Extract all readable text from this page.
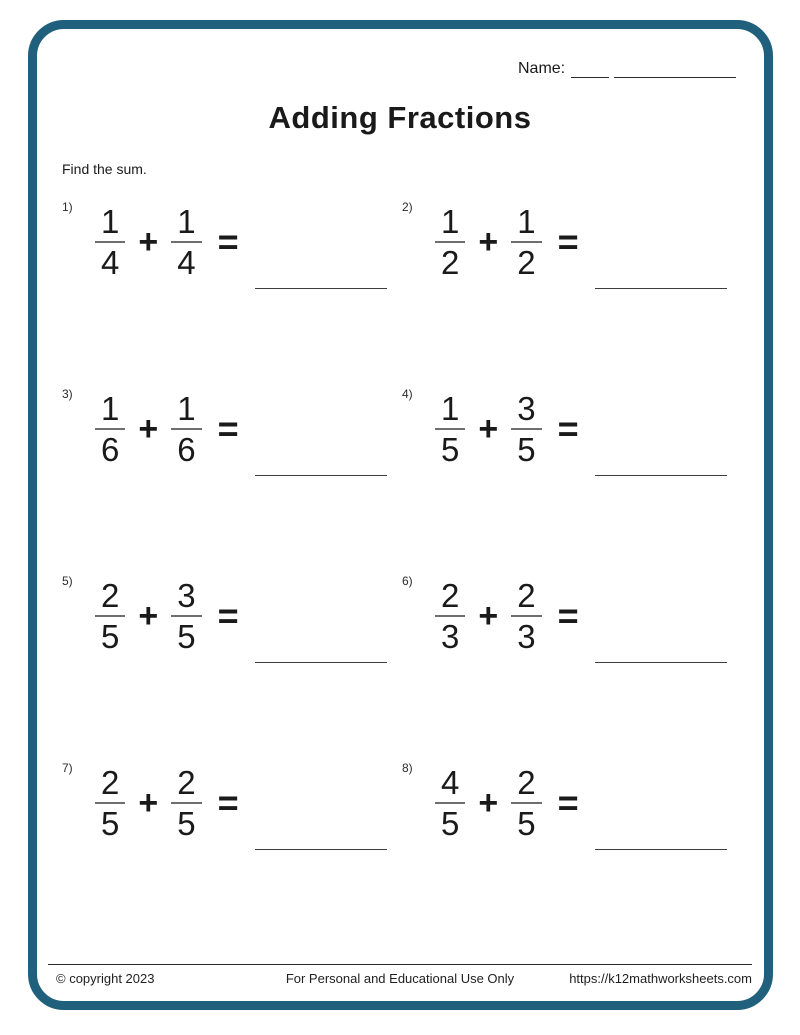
Name:
Adding Fractions
Find the sum.
$1) \frac{1}{4} + \frac{1}{4}$ =
$2) \frac{1}{2} + \frac{1}{2}$ =
$3) \frac{1}{6} + \frac{1}{6}$ =
$4) \frac{1}{5} + \frac{3}{5}$ =
$5) \frac{2}{5} + \frac{3}{5}$ =
$6) \frac{2}{3} + \frac{2}{3}$ =
$7) \frac{2}{5} + \frac{2}{5}$ =
$8) \frac{4}{5} + \frac{2}{5}$ =
© copyright 2023	For Personal and Educational Use Only	https://k12mathworksheets.com
